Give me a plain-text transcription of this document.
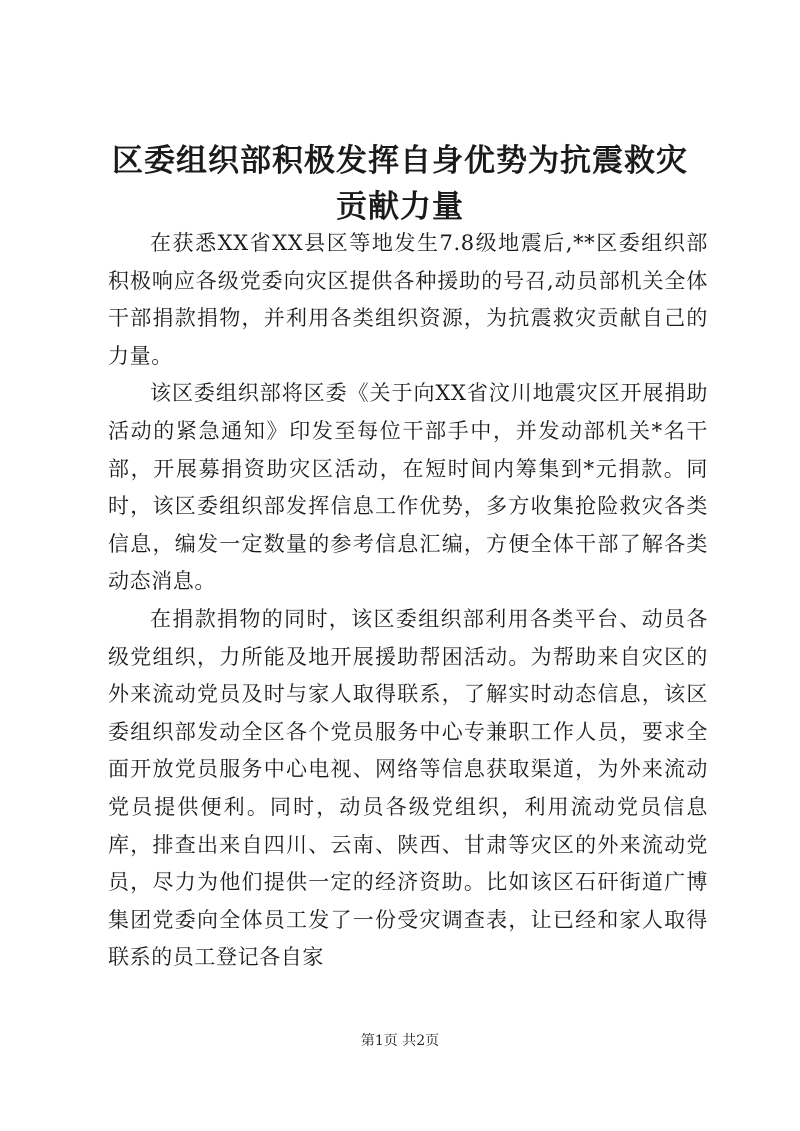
区委组织部积极发挥自身优势为抗震救灾贡献力量

在获悉XX省XX县区等地发生7.8级地震后,**区委组织部积极响应各级党委向灾区提供各种援助的号召,动员部机关全体干部捐款捐物，并利用各类组织资源，为抗震救灾贡献自己的力量。

该区委组织部将区委《关于向XX省汶川地震灾区开展捐助活动的紧急通知》印发至每位干部手中，并发动部机关*名干部，开展募捐资助灾区活动，在短时间内筹集到*元捐款。同时，该区委组织部发挥信息工作优势，多方收集抢险救灾各类信息，编发一定数量的参考信息汇编，方便全体干部了解各类动态消息。

在捐款捐物的同时，该区委组织部利用各类平台、动员各级党组织，力所能及地开展援助帮困活动。为帮助来自灾区的外来流动党员及时与家人取得联系，了解实时动态信息，该区委组织部发动全区各个党员服务中心专兼职工作人员，要求全面开放党员服务中心电视、网络等信息获取渠道，为外来流动党员提供便利。同时，动员各级党组织，利用流动党员信息库，排查出来自四川、云南、陕西、甘肃等灾区的外来流动党员，尽力为他们提供一定的经济资助。比如该区石矸街道广博集团党委向全体员工发了一份受灾调查表，让已经和家人取得联系的员工登记各自家

第1页 共2页
